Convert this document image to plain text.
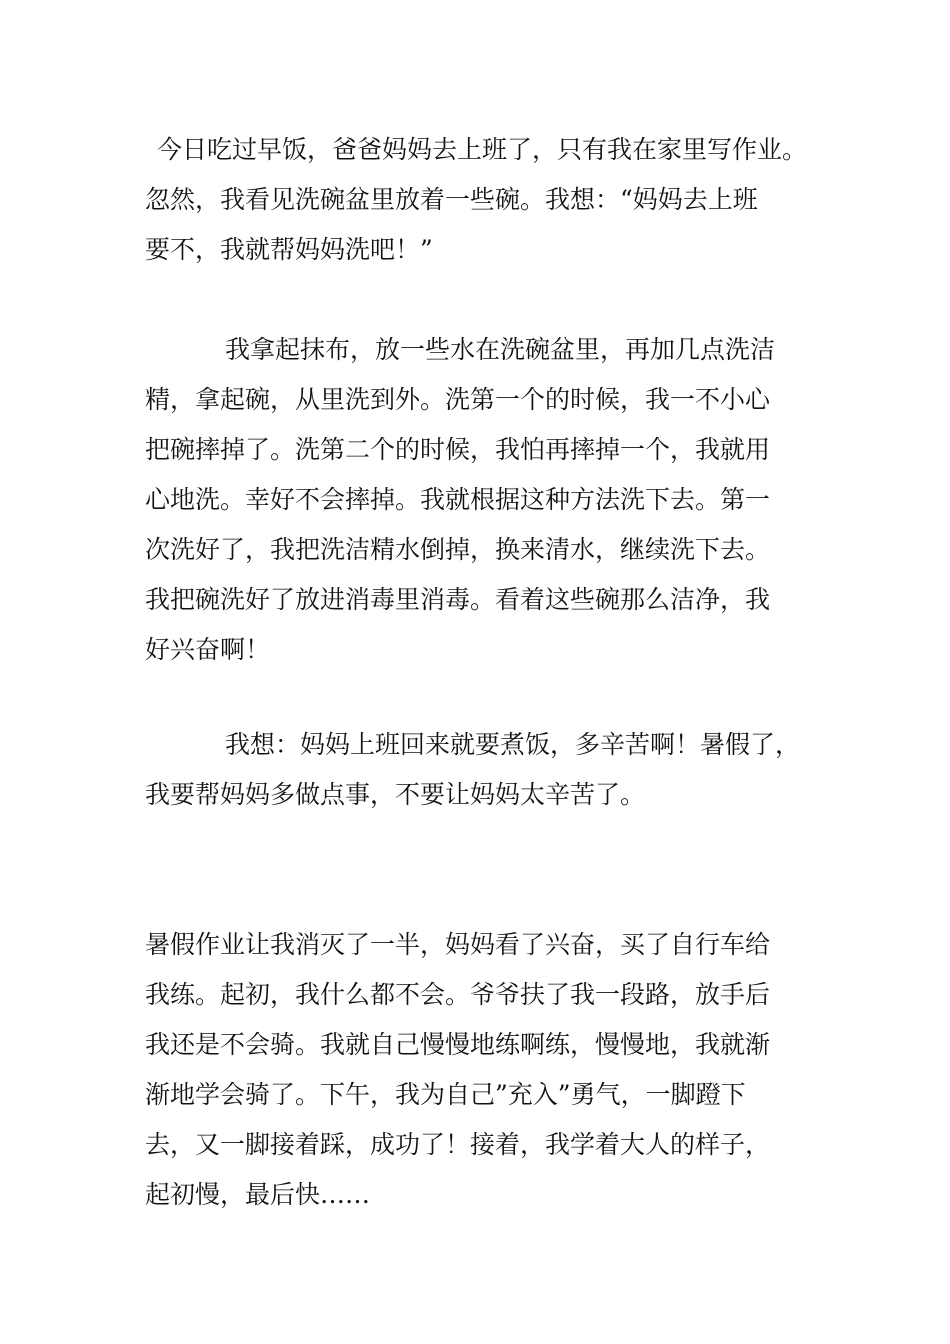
今日吃过早饭，爸爸妈妈去上班了，只有我在家里写作业。
忽然，我看见洗碗盆里放着一些碗。我想：“妈妈去上班
要不，我就帮妈妈洗吧！”

我拿起抹布，放一些水在洗碗盆里，再加几点洗洁
精，拿起碗，从里洗到外。洗第一个的时候，我一不小心
把碗摔掉了。洗第二个的时候，我怕再摔掉一个，我就用
心地洗。幸好不会摔掉。我就根据这种方法洗下去。第一
次洗好了，我把洗洁精水倒掉，换来清水，继续洗下去。
我把碗洗好了放进消毒里消毒。看着这些碗那么洁净，我
好兴奋啊！

我想：妈妈上班回来就要煮饭，多辛苦啊！暑假了，
我要帮妈妈多做点事，不要让妈妈太辛苦了。

暑假作业让我消灭了一半，妈妈看了兴奋，买了自行车给
我练。起初，我什么都不会。爷爷扶了我一段路，放手后
我还是不会骑。我就自己慢慢地练啊练，慢慢地，我就渐
渐地学会骑了。下午，我为自己”充入”勇气，一脚蹬下
去，又一脚接着踩，成功了！接着，我学着大人的样子，
起初慢，最后快……
